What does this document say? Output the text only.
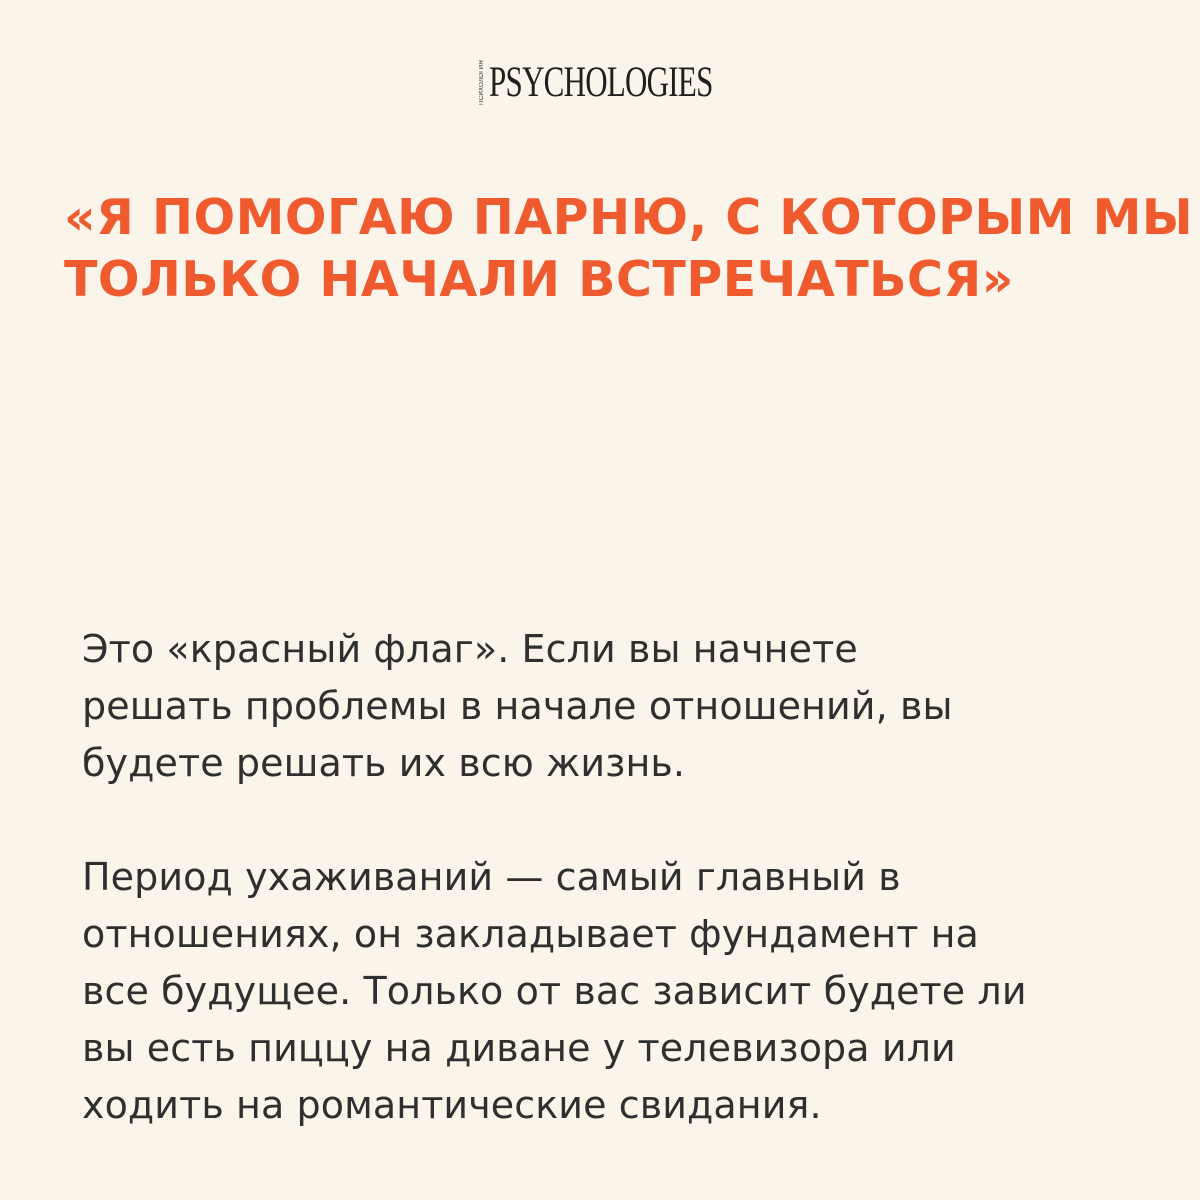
ПСИХОЛОГИЯ PSYCHOLOGIES
«Я ПОМОГАЮ ПАРНЮ, С КОТОРЫМ МЫ
ТОЛЬКО НАЧАЛИ ВСТРЕЧАТЬСЯ»

Это «красный флаг». Если вы начнете
решать проблемы в начале отношений, вы
будете решать их всю жизнь.

Период ухаживаний — самый главный в
отношениях, он закладывает фундамент на
все будущее. Только от вас зависит будете ли
вы есть пиццу на диване у телевизора или
ходить на романтические свидания.
